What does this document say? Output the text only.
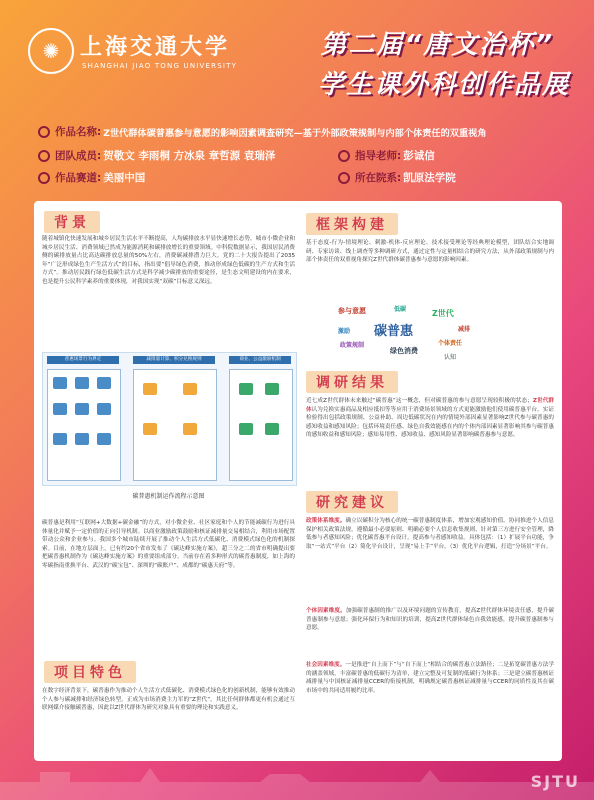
✺ 上海交通大学
SHANGHAI JIAO TONG UNIVERSITY
第二届“唐文治杯”
学生课外科创作品展
作品名称: Z世代群体碳普惠参与意愿的影响因素调查研究—基于外部政策规制与内部个体责任的双重视角
团队成员: 贺敬文 李雨桐 方冰泉 章哲源 袁瑞泽	指导老师: 彭诚信
作品赛道: 美丽中国	所在院系: 凯原法学院
背景

随着城镇化快速发展和城乡居民生活水平不断提高，人均碳排放水平显快速增长态势，城市小微企业和城乡居民生活、消费领域已然成为能源消耗和碳排放增长的重要领域。中科院数据显示，我国居民消费侧的碳排放量占比高达碳排放总量的50%左右，消费碳减排潜力巨大。党的二十大报告提出了2035年“广泛形成绿色生产生活方式”的目标，指出要“倡导绿色消费，推动形成绿色低碳的生产方式和生活方式”。推动居民践行绿色低碳生活方式是科学减少碳排放的重要途径，是生态文明建设的内在要求，也是提升公民科学素养的重要体现，对我国实现“双碳”目标意义深远。

普惠场景行为界定	减排量计算、积分兑换规则	商业、公益激励机制
碳普惠机制运作流程示意图

碳普惠是利用“互联网+大数据+碳金融”的方式，对小微企业、社区家庭和个人的节能减碳行为进行具体量化并赋予一定价值的正向引导机制。以商业激励政策鼓励和核证减排量交易相结合，利用市场配置带动公众和企业参与。我国多个城市陆续开展了推动个人生活方式低碳化、消费模式绿色化的机制探索。目前，在地方层面上，已有约20个省市发布了《碳达峰实施方案》，超三分之二的省市明确提出要把碳普惠机制作为《碳达峰实施方案》的重要组成部分。当前存在着多种形式的碳普惠制度，如上海的零碳指南重换平台、武汉的“碳宝包”、深圳的“碳账户”、成都的“碳惠天府”等。

项目特色

在数字经济背景下，碳普惠作为推动个人生活方式低碳化、消费模式绿色化的创新机制，能够有效推动个人参与碳减排和经济绿色转型。正成为市场消费主力军的“Z世代”，其比任何群体都更有机会通过互联网媒介接触碳普惠，因此以Z世代群体为研究对象具有重要的理论和实践意义。

框架构建

基于态度-行为-情境理论、刺激-机体-反应理论、技术接受理论等经典理论模型，团队结合实地调研、专家访谈、线上调查等多种调研方式，通过定性与定量相结合的研究方法，从外部政策规制与内部个体责任的双重视角探究Z世代群体碳普惠参与意愿的影响因素。

碳普惠
参与意愿	Z世代
政策规制	个体责任
低碳
绿色消费
减排
激励
认知
调研结果

近七成Z世代群体未来触过“碳普惠”这一概念，但对碳普惠的参与意愿呈现较积极的状态；Z世代群体认为兑换实惠商品及相应抵扣等等应用于消费场景领域的方式更能激励他们使用碳普惠平台。实证检验得出包括政策规制、公益补助、周边低碳状况在内的情境外部因素显著影响Z世代参与碳普惠的感知收益和感知风险；包括环境责任感、绿色自我效能感在内的个体内部因素显著影响其参与碳普惠的感知收益和感知风险；感知易用性、感知收益、感知风险显著影响碳普惠参与意愿。

研究建议

政策体系维度。确立以碳积分为核心的统一碳普惠制度体系，增加宏观感知价值。协同推进个人信息保护相关政策法规，遵循最小必要原则、明确必要个人信息收集规则、针对第三方进行安全管理，降低参与者感知风险；优化碳普惠平台设计，提高参与者感知收益。具体包括：（1）扩展平台功能，争取“一站式”平台（2）简化平台设计，呈现“易上手”平台。（3）优化平台逻辑，打造“分场景”平台。

个体因素维度。加强碳普惠制的推广以及环境问题的宣传教育，提高Z世代群体环境责任感，提升碳普惠制参与意愿；强化环保行为和知识的培训，提高Z世代群体绿色自我效能感，提升碳普惠制参与意愿。

社会因素维度。一是推进“自上而下”与“自下而上”相结合的碳普惠立法路径；二是拓宽碳普惠方法学的涵盖领域，丰富碳普惠的低碳行为清单，建立完整及可复制的低碳行为体系；三是建立碳普惠核证减排量与中国核证减排量CCER的衔接机制，明确规定碳普惠核证减排量与CCER的同质性及其在碳市场中的共同适用履约比率。

SJTU
